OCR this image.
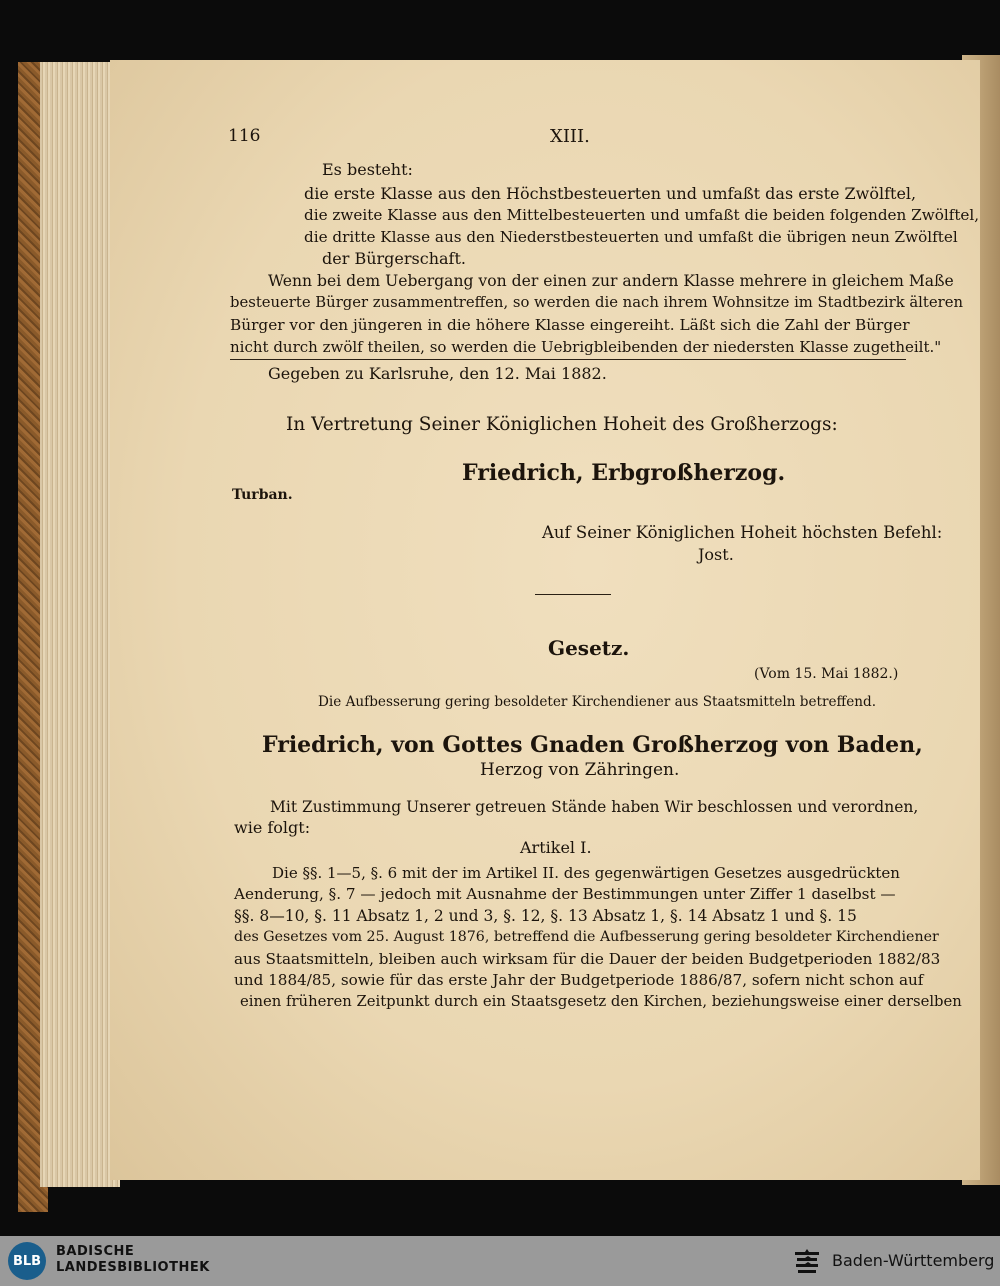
116	XIII.
Es besteht:
die erste Klasse aus den Höchstbesteuerten und umfaßt das erste Zwölftel,
die zweite Klasse aus den Mittelbesteuerten und umfaßt die beiden folgenden Zwölftel,
die dritte Klasse aus den Niederstbesteuerten und umfaßt die übrigen neun Zwölftel
der Bürgerschaft.
Wenn bei dem Uebergang von der einen zur andern Klasse mehrere in gleichem Maße
besteuerte Bürger zusammentreffen, so werden die nach ihrem Wohnsitze im Stadtbezirk älteren
Bürger vor den jüngeren in die höhere Klasse eingereiht. Läßt sich die Zahl der Bürger
nicht durch zwölf theilen, so werden die Uebrigbleibenden der niedersten Klasse zugetheilt."
Gegeben zu Karlsruhe, den 12. Mai 1882.
In Vertretung Seiner Königlichen Hoheit des Großherzogs:
Friedrich, Erbgroßherzog.
Turban.
Auf Seiner Königlichen Hoheit höchsten Befehl:
Jost.
Gesetz.
(Vom 15. Mai 1882.)
Die Aufbesserung gering besoldeter Kirchendiener aus Staatsmitteln betreffend.
Friedrich, von Gottes Gnaden Großherzog von Baden,
Herzog von Zähringen.
Mit Zustimmung Unserer getreuen Stände haben Wir beschlossen und verordnen,
wie folgt:
Artikel I.
Die §§. 1—5, §. 6 mit der im Artikel II. des gegenwärtigen Gesetzes ausgedrückten
Aenderung, §. 7 — jedoch mit Ausnahme der Bestimmungen unter Ziffer 1 daselbst —
§§. 8—10, §. 11 Absatz 1, 2 und 3, §. 12, §. 13 Absatz 1, §. 14 Absatz 1 und §. 15
des Gesetzes vom 25. August 1876, betreffend die Aufbesserung gering besoldeter Kirchendiener
aus Staatsmitteln, bleiben auch wirksam für die Dauer der beiden Budgetperioden 1882/83
und 1884/85, sowie für das erste Jahr der Budgetperiode 1886/87, sofern nicht schon auf
einen früheren Zeitpunkt durch ein Staatsgesetz den Kirchen, beziehungsweise einer derselben
BLB
BADISCHE
LANDESBIBLIOTHEK	Baden-Württemberg
